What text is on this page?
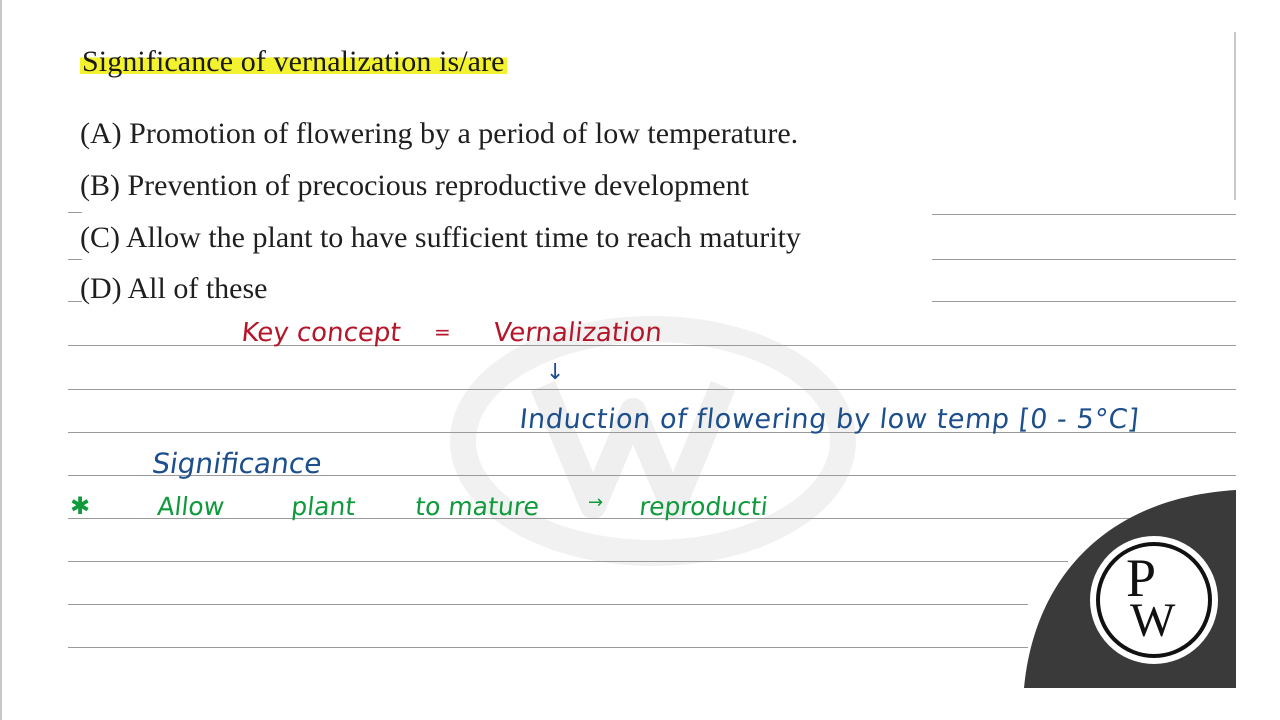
Significance of vernalization is/are
(A) Promotion of flowering by a period of low temperature.
(B) Prevention of precocious reproductive development
(C) Allow the plant to have sufficient time to reach maturity
(D) All of these
Key concept = Vernalization
↓
Induction of flowering by low temp [0 - 5°C]
Significance
✱	Allow	plant to mature	→ reproducti
P
W
